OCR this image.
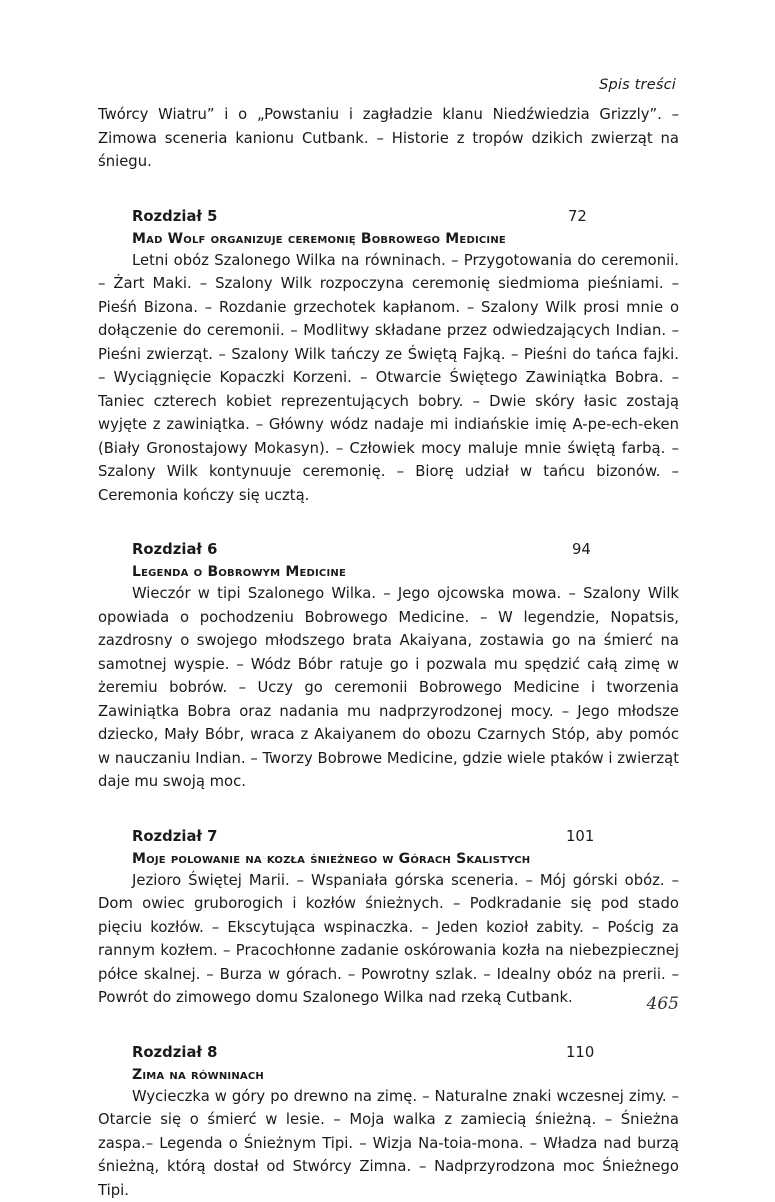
Spis treści

Twórcy Wiatru” i o „Powstaniu i zagładzie klanu Niedźwiedzia Grizzly”. – Zimowa sceneria kanionu Cutbank. – Historie z tropów dzikich zwierząt na śniegu.

Rozdział 5	72
Mad Wolf organizuje ceremonię Bobrowego Medicine

Letni obóz Szalonego Wilka na równinach. – Przygotowania do ceremonii. – Żart Maki. – Szalony Wilk rozpoczyna ceremonię siedmioma pieśniami. – Pieśń Bizona. – Rozdanie grzechotek kapłanom. – Szalony Wilk prosi mnie o dołączenie do ceremonii. – Modlitwy składane przez odwiedzających Indian. – Pieśni zwierząt. – Szalony Wilk tańczy ze Świętą Fajką. – Pieśni do tańca fajki. – Wyciągnięcie Kopaczki Korzeni. – Otwarcie Świętego Zawiniątka Bobra. – Taniec czterech kobiet reprezentujących bobry. – Dwie skóry łasic zostają wyjęte z zawiniątka. – Główny wódz nadaje mi indiańskie imię A-pe-ech-eken (Biały Gronostajowy Mokasyn). – Człowiek mocy maluje mnie świętą farbą. – Szalony Wilk kontynuuje ceremonię. – Biorę udział w tańcu bizonów. – Ceremonia kończy się ucztą.

Rozdział 6	94
Legenda o Bobrowym Medicine

Wieczór w tipi Szalonego Wilka. – Jego ojcowska mowa. – Szalony Wilk opowiada o pochodzeniu Bobrowego Medicine. – W legendzie, Nopatsis, zazdrosny o swojego młodszego brata Akaiyana, zostawia go na śmierć na samotnej wyspie. – Wódz Bóbr ratuje go i pozwala mu spędzić całą zimę w żeremiu bobrów. – Uczy go ceremonii Bobrowego Medicine i tworzenia Zawiniątka Bobra oraz nadania mu nadprzyrodzonej mocy. – Jego młodsze dziecko, Mały Bóbr, wraca z Akaiyanem do obozu Czarnych Stóp, aby pomóc w nauczaniu Indian. – Tworzy Bobrowe Medicine, gdzie wiele ptaków i zwierząt daje mu swoją moc.

Rozdział 7	101
Moje polowanie na kozła śnieżnego w Górach Skalistych

Jezioro Świętej Marii. – Wspaniała górska sceneria. – Mój górski obóz. – Dom owiec gruborogich i kozłów śnieżnych. – Podkradanie się pod stado pięciu kozłów. – Ekscytująca wspinaczka. – Jeden kozioł zabity. – Pościg za rannym kozłem. – Pracochłonne zadanie oskórowania kozła na niebezpiecznej półce skalnej. – Burza w górach. – Powrotny szlak. – Idealny obóz na prerii. – Powrót do zimowego domu Szalonego Wilka nad rzeką Cutbank.

Rozdział 8	110
Zima na równinach

Wycieczka w góry po drewno na zimę. – Naturalne znaki wczesnej zimy. – Otarcie się o śmierć w lesie. – Moja walka z zamiecią śnieżną. – Śnieżna zaspa.– Legenda o Śnieżnym Tipi. – Wizja Na-toia-mona. – Władza nad burzą śnieżną, którą dostał od Stwórcy Zimna. – Nadprzyrodzona moc Śnieżnego Tipi.

465
